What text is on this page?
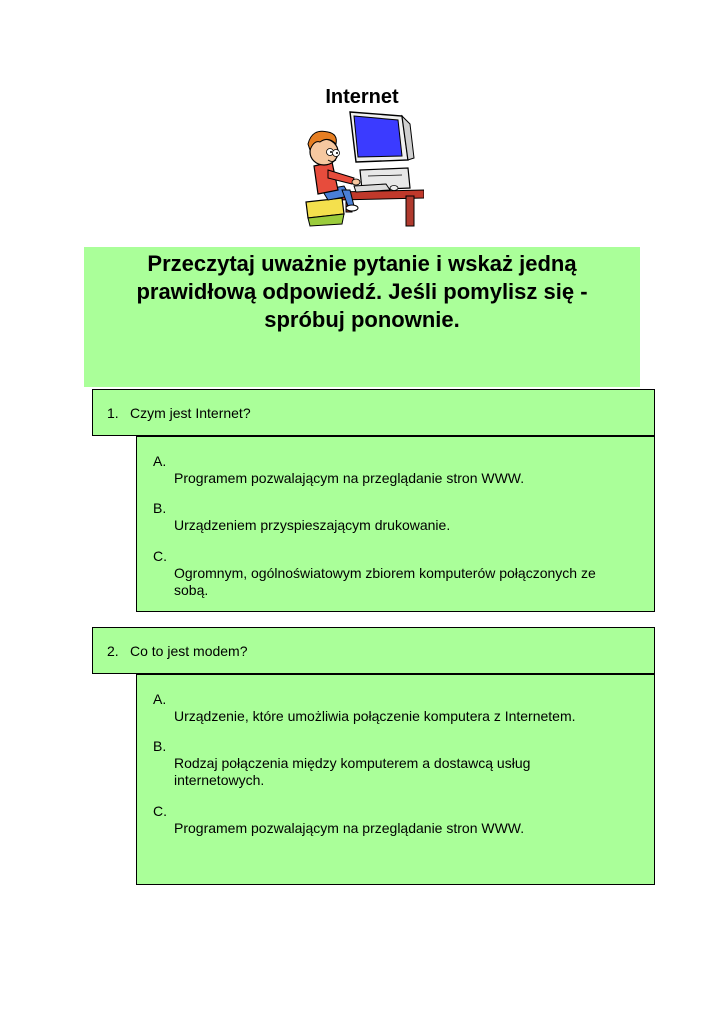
Internet
Przeczytaj uważnie pytanie i wskaż jedną
prawidłową odpowiedź. Jeśli pomylisz się -
spróbuj ponownie.
1. Czym jest Internet?
A.
Programem pozwalającym na przeglądanie stron WWW.
B.
Urządzeniem przyspieszającym drukowanie.
C.
Ogromnym, ogólnoświatowym zbiorem komputerów połączonych ze sobą.
2. Co to jest modem?
A.
Urządzenie, które umożliwia połączenie komputera z Internetem.
B.
Rodzaj połączenia między komputerem a dostawcą usług internetowych.
C.
Programem pozwalającym na przeglądanie stron WWW.
